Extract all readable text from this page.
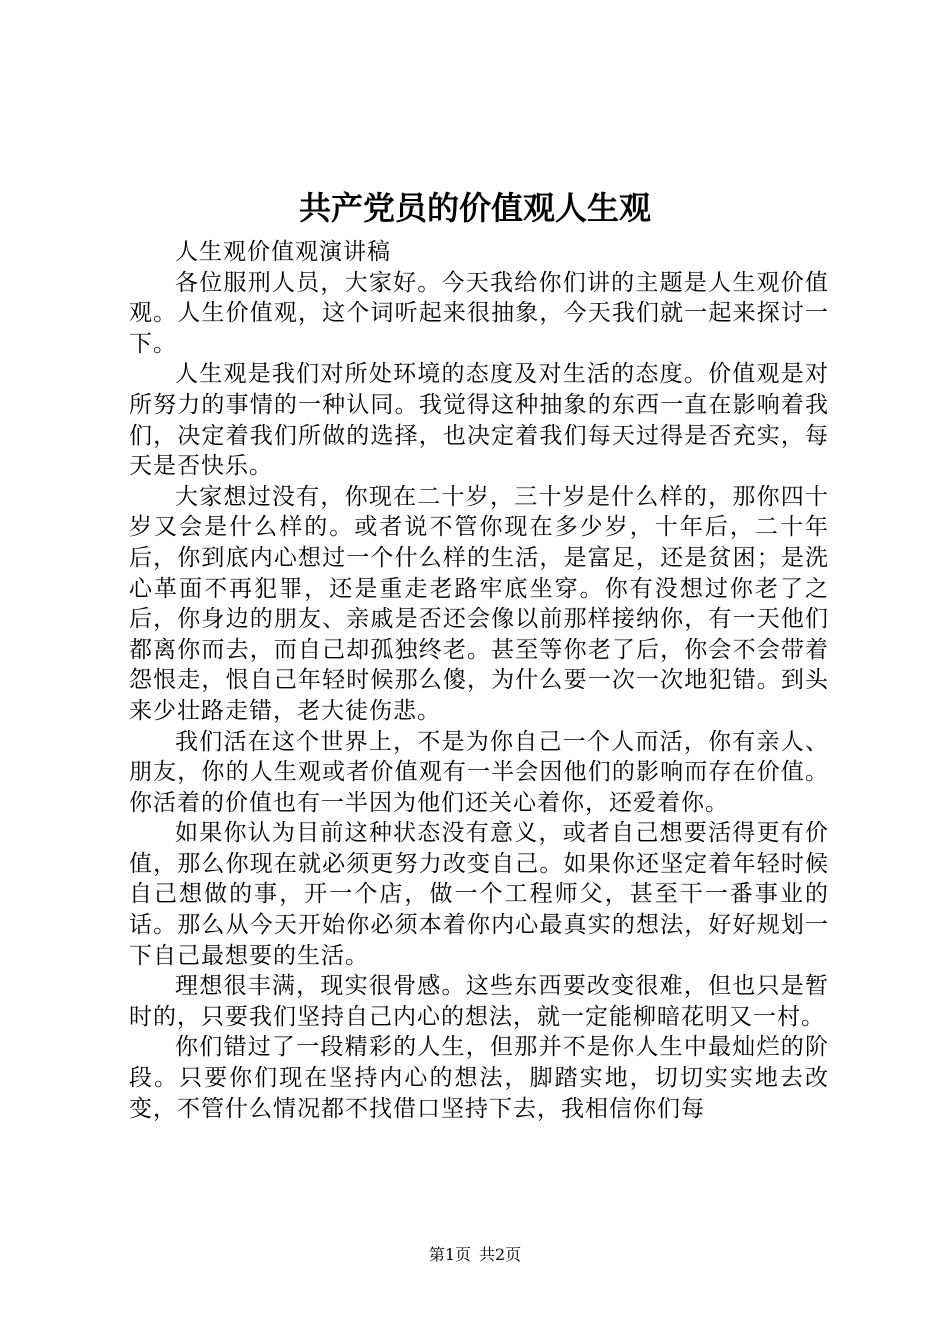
共产党员的价值观人生观

人生观价值观演讲稿

各位服刑人员，大家好。今天我给你们讲的主题是人生观价值观。人生价值观，这个词听起来很抽象，今天我们就一起来探讨一下。

人生观是我们对所处环境的态度及对生活的态度。价值观是对所努力的事情的一种认同。我觉得这种抽象的东西一直在影响着我们，决定着我们所做的选择，也决定着我们每天过得是否充实，每天是否快乐。

大家想过没有，你现在二十岁，三十岁是什么样的，那你四十岁又会是什么样的。或者说不管你现在多少岁，十年后，二十年后，你到底内心想过一个什么样的生活，是富足，还是贫困；是洗心革面不再犯罪，还是重走老路牢底坐穿。你有没想过你老了之后，你身边的朋友、亲戚是否还会像以前那样接纳你，有一天他们都离你而去，而自己却孤独终老。甚至等你老了后，你会不会带着怨恨走，恨自己年轻时候那么傻，为什么要一次一次地犯错。到头来少壮路走错，老大徒伤悲。

我们活在这个世界上，不是为你自己一个人而活，你有亲人、朋友，你的人生观或者价值观有一半会因他们的影响而存在价值。你活着的价值也有一半因为他们还关心着你，还爱着你。

如果你认为目前这种状态没有意义，或者自己想要活得更有价值，那么你现在就必须更努力改变自己。如果你还坚定着年轻时候自己想做的事，开一个店，做一个工程师父，甚至干一番事业的话。那么从今天开始你必须本着你内心最真实的想法，好好规划一下自己最想要的生活。

理想很丰满，现实很骨感。这些东西要改变很难，但也只是暂时的，只要我们坚持自己内心的想法，就一定能柳暗花明又一村。

你们错过了一段精彩的人生，但那并不是你人生中最灿烂的阶段。只要你们现在坚持内心的想法，脚踏实地，切切实实地去改变，不管什么情况都不找借口坚持下去，我相信你们每

第1页 共2页
